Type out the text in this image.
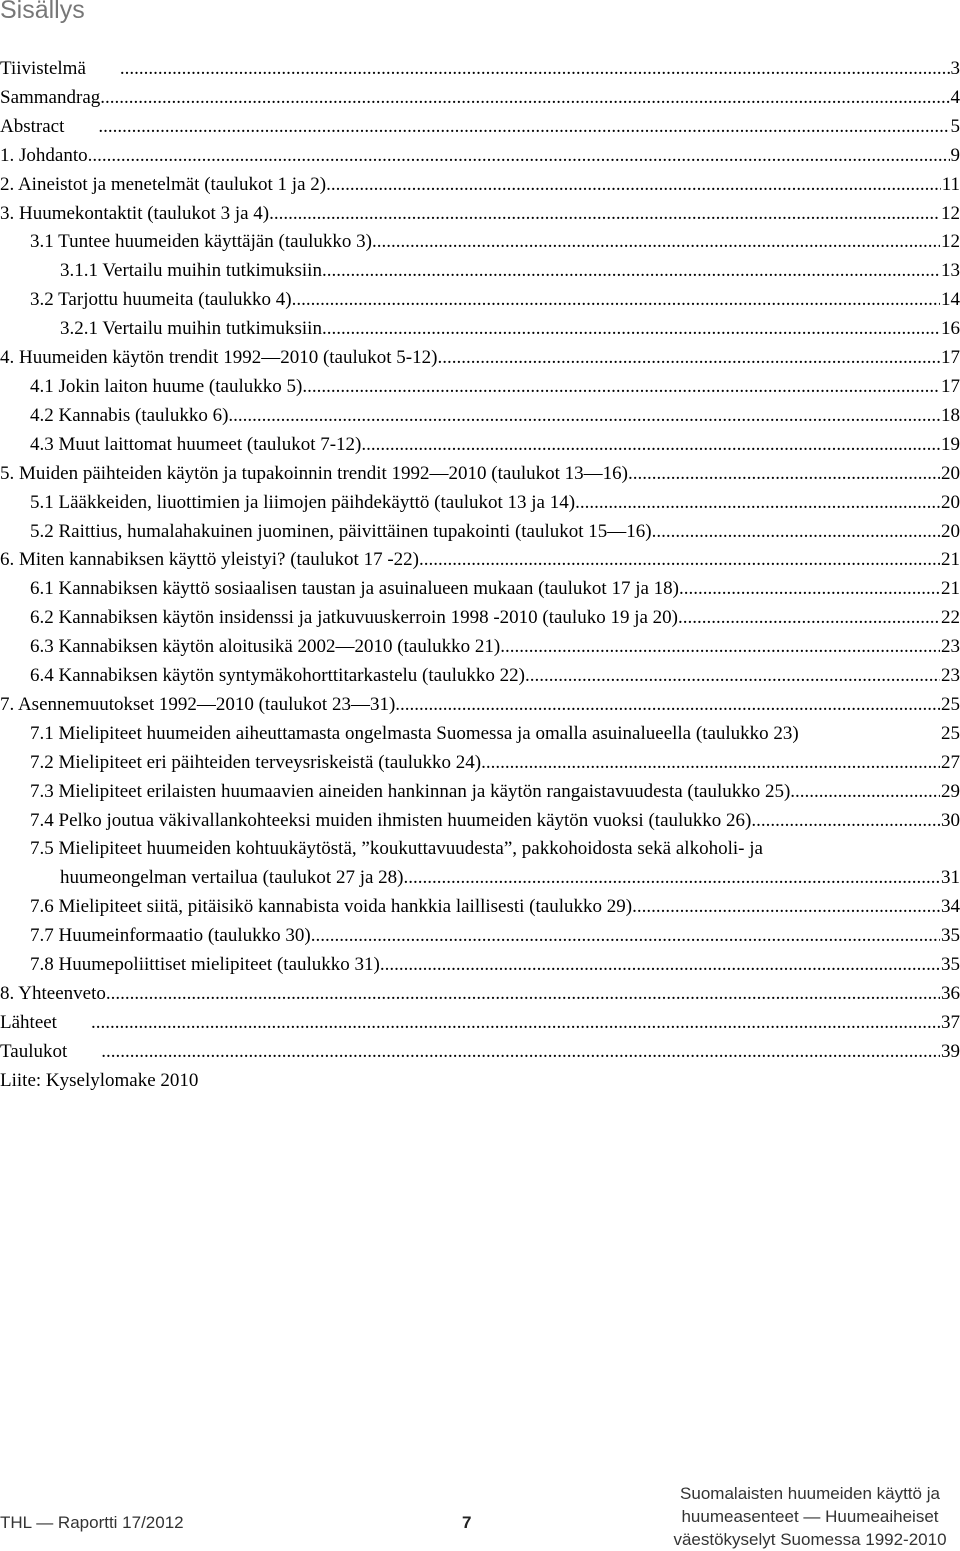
Sisällys
Tiivistelmä .....	3
Sammandrag .....	4
Abstract .....	5
1. Johdanto .....	9
2. Aineistot ja menetelmät (taulukot 1 ja 2) .....	11
3. Huumekontaktit (taulukot 3 ja 4) .....	12
3.1 Tuntee huumeiden käyttäjän (taulukko 3) .....	12
3.1.1 Vertailu muihin tutkimuksiin .....	13
3.2 Tarjottu huumeita (taulukko 4) .....	14
3.2.1 Vertailu muihin tutkimuksiin .....	16
4. Huumeiden käytön trendit 1992—2010 (taulukot 5-12) .....	17
4.1 Jokin laiton huume (taulukko 5) .....	17
4.2 Kannabis (taulukko 6) .....	18
4.3 Muut laittomat huumeet (taulukot 7-12) .....	19
5. Muiden päihteiden käytön ja tupakoinnin trendit 1992—2010 (taulukot 13—16) .....	20
5.1 Lääkkeiden, liuottimien ja liimojen päihdekäyttö (taulukot 13 ja 14) .....	20
5.2 Raittius, humalahakuinen juominen, päivittäinen tupakointi (taulukot 15—16) .....	20
6. Miten kannabiksen käyttö yleistyi? (taulukot 17 -22) .....	21
6.1 Kannabiksen käyttö sosiaalisen taustan ja asuinalueen mukaan (taulukot 17 ja 18) .....	21
6.2 Kannabiksen käytön insidenssi ja jatkuvuuskerroin 1998 -2010 (tauluko 19 ja 20) .....	22
6.3 Kannabiksen käytön aloitusikä 2002—2010 (taulukko 21) .....	23
6.4 Kannabiksen käytön syntymäkohorttitarkastelu (taulukko 22) .....	23
7. Asennemuutokset 1992—2010 (taulukot 23—31) .....	25
7.1 Mielipiteet huumeiden aiheuttamasta ongelmasta Suomessa ja omalla asuinalueella (taulukko 23)	25
7.2 Mielipiteet eri päihteiden terveysriskeistä (taulukko 24) .....	27
7.3 Mielipiteet erilaisten huumaavien aineiden hankinnan ja käytön rangaistavuudesta (taulukko 25). .....	29
7.4 Pelko joutua väkivallankohteeksi muiden ihmisten huumeiden käytön vuoksi (taulukko 26) .....	30
7.5 Mielipiteet huumeiden kohtuukäytöstä, ”koukuttavuudesta”, pakkohoidosta sekä alkoholi- ja
huumeongelman vertailua (taulukot 27 ja 28) .....	31
7.6 Mielipiteet siitä, pitäisikö kannabista voida hankkia laillisesti (taulukko 29) .....	34
7.7 Huumeinformaatio (taulukko 30) .....	35
7.8 Huumepoliittiset mielipiteet (taulukko 31) .....	35
8. Yhteenveto .....	36
Lähteet .....	37
Taulukot .....	39
Liite: Kyselylomake 2010
THL — Raportti 17/2012	7
Suomalaisten huumeiden käyttö ja
huumeasenteet — Huumeaiheiset
väestökyselyt Suomessa 1992-2010
